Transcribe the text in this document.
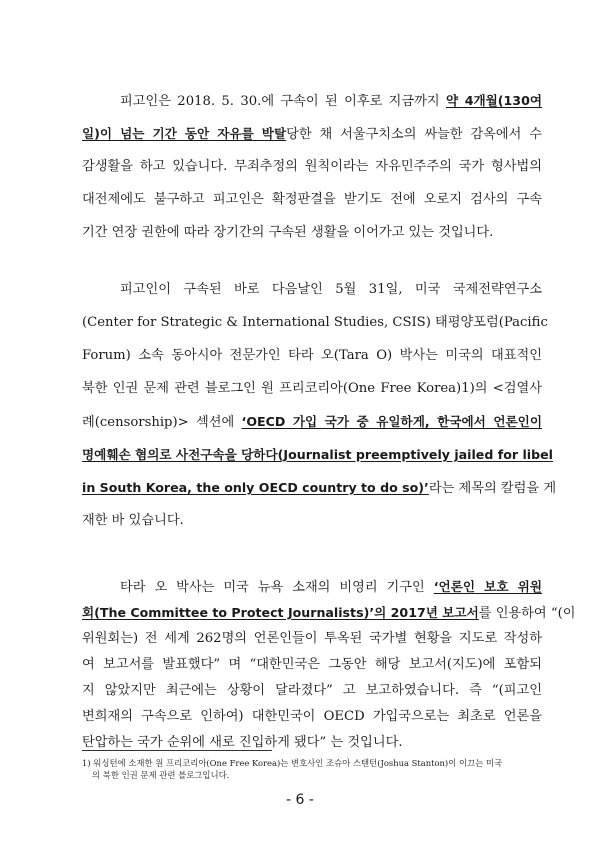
피고인은 2018. 5. 30.에 구속이 된 이후로 지금까지 약 4개월(130여
일)이 넘는 기간 동안 자유를 박탈당한 채 서울구치소의 싸늘한 감옥에서 수
감생활을 하고 있습니다. 무죄추정의 원칙이라는 자유민주주의 국가 형사법의
대전제에도 불구하고 피고인은 확정판결을 받기도 전에 오로지 검사의 구속
기간 연장 권한에 따라 장기간의 구속된 생활을 이어가고 있는 것입니다.
피고인이 구속된 바로 다음날인 5월 31일, 미국 국제전략연구소
(Center for Strategic & International Studies, CSIS) 태평양포럼(Pacific
Forum) 소속 동아시아 전문가인 타라 오(Tara O) 박사는 미국의 대표적인
북한 인권 문제 관련 블로그인 원 프리코리아(One Free Korea)1)의 <검열사
례(censorship)> 섹션에 ‘OECD 가입 국가 중 유일하게, 한국에서 언론인이
명예훼손 혐의로 사전구속을 당하다(Journalist preemptively jailed for libel
in South Korea, the only OECD country to do so)’라는 제목의 칼럼을 게
재한 바 있습니다.
타라 오 박사는 미국 뉴욕 소재의 비영리 기구인 ‘언론인 보호 위원
회(The Committee to Protect Journalists)’의 2017년 보고서를 인용하여 “(이
위원회는) 전 세계 262명의 언론인들이 투옥된 국가별 현황을 지도로 작성하
여 보고서를 발표했다” 며 “대한민국은 그동안 해당 보고서(지도)에 포함되
지 않았지만 최근에는 상황이 달라졌다” 고 보고하였습니다. 즉 “(피고인
변희재의 구속으로 인하여) 대한민국이 OECD 가입국으로는 최초로 언론을
탄압하는 국가 순위에 새로 진입하게 됐다” 는 것입니다.
1) 워싱턴에 소재한 원 프리코리아(One Free Korea)는 변호사인 조슈아 스탠턴(Joshua Stanton)이 이끄는 미국
의 북한 인권 문제 관련 블로그입니다.
- 6 -
